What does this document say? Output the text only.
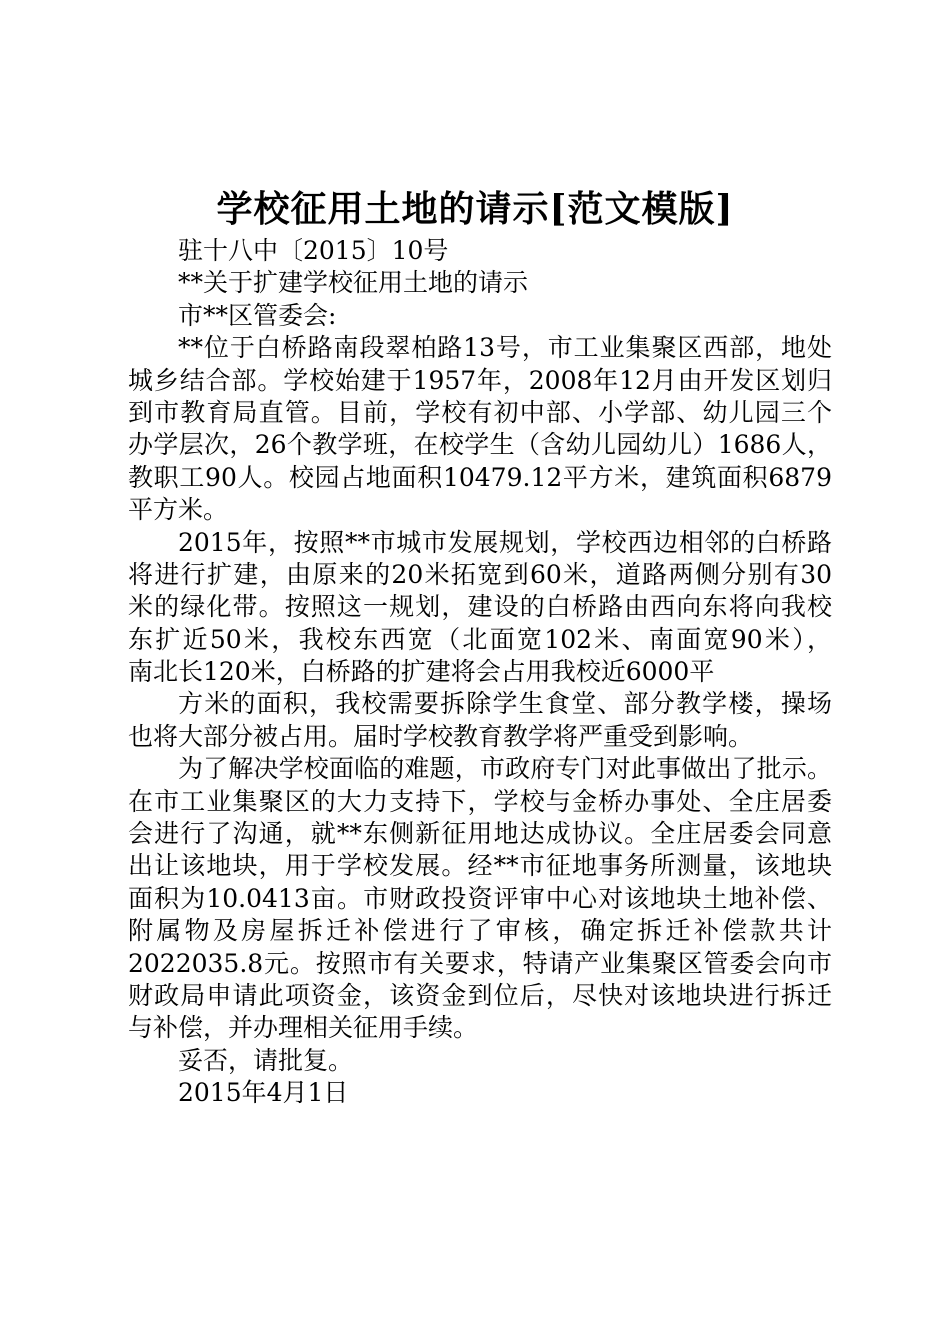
学校征用土地的请示[范文模版]
驻十八中〔2015〕10号
**关于扩建学校征用土地的请示
市**区管委会:
**位于白桥路南段翠柏路13号，市工业集聚区西部，地处
城乡结合部。学校始建于1957年，2008年12月由开发区划归
到市教育局直管。目前，学校有初中部、小学部、幼儿园三个
办学层次，26个教学班，在校学生（含幼儿园幼儿）1686人，
教职工90人。校园占地面积10479.12平方米，建筑面积6879
平方米。
2015年，按照**市城市发展规划，学校西边相邻的白桥路
将进行扩建，由原来的20米拓宽到60米，道路两侧分别有30
米的绿化带。按照这一规划，建设的白桥路由西向东将向我校
东扩近50米，我校东西宽（北面宽102米、南面宽90米），
南北长120米，白桥路的扩建将会占用我校近6000平
方米的面积，我校需要拆除学生食堂、部分教学楼，操场
也将大部分被占用。届时学校教育教学将严重受到影响。
为了解决学校面临的难题，市政府专门对此事做出了批示。
在市工业集聚区的大力支持下，学校与金桥办事处、全庄居委
会进行了沟通，就**东侧新征用地达成协议。全庄居委会同意
出让该地块，用于学校发展。经**市征地事务所测量，该地块
面积为10.0413亩。市财政投资评审中心对该地块土地补偿、
附属物及房屋拆迁补偿进行了审核，确定拆迁补偿款共计
2022035.8元。按照市有关要求，特请产业集聚区管委会向市
财政局申请此项资金，该资金到位后，尽快对该地块进行拆迁
与补偿，并办理相关征用手续。
妥否，请批复。
2015年4月1日
